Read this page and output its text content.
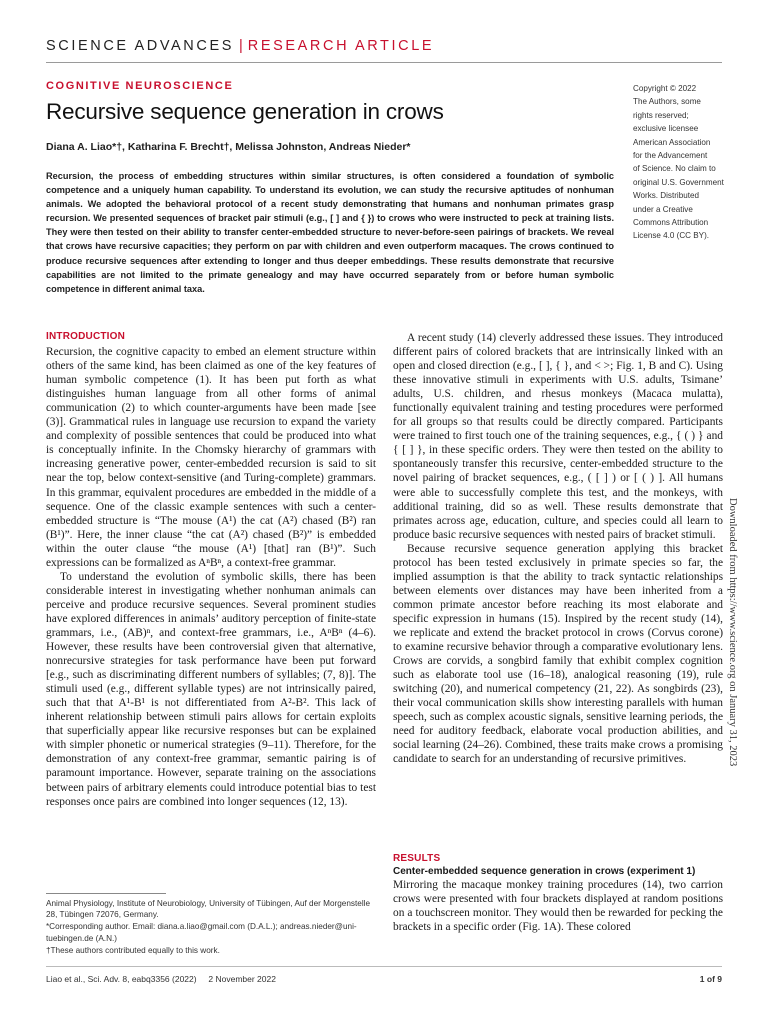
SCIENCE ADVANCES | RESEARCH ARTICLE
COGNITIVE NEUROSCIENCE
Recursive sequence generation in crows
Diana A. Liao*†, Katharina F. Brecht†, Melissa Johnston, Andreas Nieder*
Recursion, the process of embedding structures within similar structures, is often considered a foundation of symbolic competence and a uniquely human capability. To understand its evolution, we can study the recursive aptitudes of nonhuman animals. We adopted the behavioral protocol of a recent study demonstrating that humans and nonhuman primates grasp recursion. We presented sequences of bracket pair stimuli (e.g., [ ] and { }) to crows who were instructed to peck at training lists. They were then tested on their ability to transfer center-embedded structure to never-before-seen pairings of brackets. We reveal that crows have recursive capacities; they perform on par with children and even outperform macaques. The crows continued to produce recursive sequences after extending to longer and thus deeper embeddings. These results demonstrate that recursive capabilities are not limited to the primate genealogy and may have occurred separately from or before human symbolic competence in different animal taxa.
Copyright © 2022
The Authors, some
rights reserved;
exclusive licensee
American Association
for the Advancement
of Science. No claim to
original U.S. Government
Works. Distributed
under a Creative
Commons Attribution
License 4.0 (CC BY).
INTRODUCTION

Recursion, the cognitive capacity to embed an element structure within others of the same kind, has been claimed as one of the key features of human symbolic competence (1). It has been put forth as what distinguishes human language from all other forms of animal communication (2) to which counter-arguments have been made [see (3)]. Grammatical rules in language use recursion to expand the variety and complexity of possible sentences that could be produced into what is conceptually infinite. In the Chomsky hierarchy of grammars with increasing generative power, center-embedded recursion is said to sit near the top, below context-sensitive (and Turing-complete) grammars. In this grammar, equivalent procedures are embedded in the middle of a sequence. One of the classic example sentences with such a center-embedded structure is “The mouse (A¹) the cat (A²) chased (B²) ran (B¹)”. Here, the inner clause “the cat (A²) chased (B²)” is embedded within the outer clause “the mouse (A¹) [that] ran (B¹)”. Such expressions can be formalized as AⁿBⁿ, a context-free grammar.

To understand the evolution of symbolic skills, there has been considerable interest in investigating whether nonhuman animals can perceive and produce recursive sequences. Several prominent studies have explored differences in animals’ auditory perception of finite-state grammars, i.e., (AB)ⁿ, and context-free grammars, i.e., AⁿBⁿ (4–6). However, these results have been controversial given that alternative, nonrecursive strategies for task performance have been put forward [e.g., such as discriminating different numbers of syllables; (7, 8)]. The stimuli used (e.g., different syllable types) are not intrinsically paired, such that that A¹-B¹ is not differentiated from A²-B². This lack of inherent relationship between stimuli pairs allows for certain exploits that superficially appear like recursive responses but can be explained with simpler phonetic or numerical strategies (9–11). Therefore, for the demonstration of any context-free grammar, semantic pairing is of paramount importance. However, separate training on the associations between pairs of arbitrary elements could introduce potential bias to test responses once pairs are combined into longer sequences (12, 13).

A recent study (14) cleverly addressed these issues. They introduced different pairs of colored brackets that are intrinsically linked with an open and closed direction (e.g., [ ], { }, and < >; Fig. 1, B and C). Using these innovative stimuli in experiments with U.S. adults, Tsimane’ adults, U.S. children, and rhesus monkeys (Macaca mulatta), functionally equivalent training and testing procedures were performed for all groups so that results could be directly compared. Participants were trained to first touch one of the training sequences, e.g., { ( ) } and { [ ] }, in these specific orders. They were then tested on the ability to spontaneously transfer this recursive, center-embedded structure to the novel pairing of bracket sequences, e.g., ( [ ] ) or [ ( ) ]. All humans were able to successfully complete this test, and the monkeys, with additional training, did so as well. These results demonstrate that primates across age, education, culture, and species could all learn to produce basic recursive sequences with nested pairs of bracket stimuli.

Because recursive sequence generation applying this bracket protocol has been tested exclusively in primate species so far, the implied assumption is that the ability to track syntactic relationships between elements over distances may have been inherited from a common primate ancestor before reaching its most elaborate and specific expression in humans (15). Inspired by the recent study (14), we replicate and extend the bracket protocol in crows (Corvus corone) to examine recursive behavior through a comparative evolutionary lens. Crows are corvids, a songbird family that exhibit complex cognition such as elaborate tool use (16–18), analogical reasoning (19), rule switching (20), and numerical competency (21, 22). As songbirds (23), their vocal communication skills show interesting parallels with human speech, such as complex acoustic signals, sensitive learning periods, the need for auditory feedback, elaborate vocal production abilities, and social learning (24–26). Combined, these traits make crows a promising candidate to search for an understanding of recursive primitives.

RESULTS
Center-embedded sequence generation in crows (experiment 1)

Mirroring the macaque monkey training procedures (14), two carrion crows were presented with four brackets displayed at random positions on a touchscreen monitor. They would then be rewarded for pecking the brackets in a specific order (Fig. 1A). These colored

Animal Physiology, Institute of Neurobiology, University of Tübingen, Auf der Morgenstelle 28, Tübingen 72076, Germany.
*Corresponding author. Email: diana.a.liao@gmail.com (D.A.L.); andreas.nieder@uni-tuebingen.de (A.N.)
†These authors contributed equally to this work.
Liao et al., Sci. Adv. 8, eabq3356 (2022)     2 November 2022	1 of 9
Downloaded from https://www.science.org on January 31, 2023
